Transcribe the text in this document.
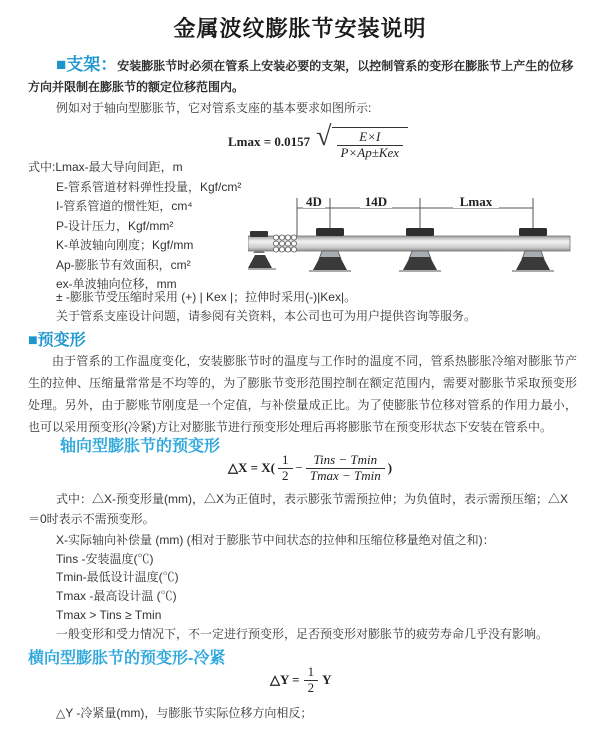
金属波纹膨胀节安装说明

■支架：安装膨胀节时必须在管系上安装必要的支架，以控制管系的变形在膨胀节上产生的位移方向并限制在膨胀节的额定位移范围内。

例如对于轴向型膨胀节，它对管系支座的基本要求如图所示:

Lmax = 0.0157 √ $\frac{E\times I}{\text{P×Ap±Kex}}$
式中:Lmax-最大导向间距，m
E-管系管道材料弹性投量，Kgf/cm²
I-管系管道的惯性矩，cm⁴
P-设计压力，Kgf/mm²
K-单波轴向刚度；Kgf/mm
Ap-膨胀节有效面积，cm²
ex-单波轴向位移，mm
4D	14D	Lmax
± -膨胀节受压缩时采用 (+) | Kex |；拉伸时采用(-)|Kex|。
关于管系支座设计问题，请参阅有关资料，本公司也可为用户提供咨询等服务。
■预变形

由于管系的工作温度变化，安装膨胀节时的温度与工作时的温度不同，管系热膨胀冷缩对膨胀节产生的拉伸、压缩量常常是不均等的，为了膨胀节变形范围控制在额定范围内，需要对膨胀节采取预变形处理。另外，由于膨账节刚度是一个定值，与补偿量成正比。为了使膨胀节位移对管系的作用力最小，也可以采用预变形(冷紧)方让对膨胀节进行预变形处理后再将膨胀节在预变形状态下安装在管系中。

轴向型膨胀节的预变形
△X = $X( \frac{1}{2} - \frac{\text{Tins − Tmin}}{Tmax - Tmin}$ )

式中：△X-预变形量(mm)，△X为正值时，表示膨张节需预拉伸；为负值时，表示需预压缩；△X＝0时表示不需预变形。

X-实际轴向补偿量 (mm) (相对于膨胀节中间状态的拉伸和压缩位移量绝对值之和)：
Tins -安装温度(℃)
Tmin-最低设计温度(℃)
Tmax -最高设计温 (℃)
Tmax > Tins ≥ Tmin
一般变形和受力情况下，不一定进行预变形，足否预变形对膨胀节的疲劳寿命几乎没有影响。
横向型膨胀节的预变形-冷紧
△Y = $\frac{1}{2}$ Y
△Y -冷紧量(mm)，与膨胀节实际位移方向相反；
